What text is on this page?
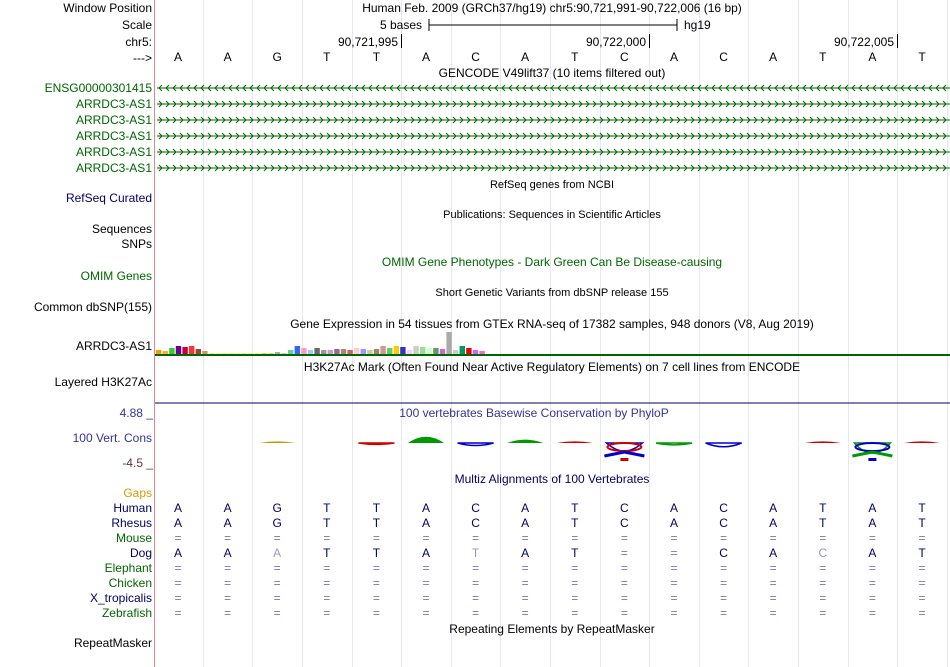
Window Position	Human Feb. 2009 (GRCh37/hg19) chr5:90,721,991-90,722,006 (16 bp)
Scale	5 bases	hg19
chr5:	90,721,995	90,722,000	90,722,005
--->	A	A	G	T	T	A	C	A	T	C	A	C	A	T	A	T
GENCODE V49lift37 (10 items filtered out)
ENSG00000301415
ARRDC3-AS1
ARRDC3-AS1
ARRDC3-AS1
ARRDC3-AS1
ARRDC3-AS1
RefSeq genes from NCBI
RefSeq Curated
Publications: Sequences in Scientific Articles
Sequences
SNPs
OMIM Gene Phenotypes - Dark Green Can Be Disease-causing
OMIM Genes
Short Genetic Variants from dbSNP release 155
Common dbSNP(155)
Gene Expression in 54 tissues from GTEx RNA-seq of 17382 samples, 948 donors (V8, Aug 2019)
ARRDC3-AS1
H3K27Ac Mark (Often Found Near Active Regulatory Elements) on 7 cell lines from ENCODE
Layered H3K27Ac
100 vertebrates Basewise Conservation by PhyloP
4.88 _
100 Vert. Cons
-4.5 _
Multiz Alignments of 100 Vertebrates
Gaps
Human	A	A	G	T	T	A	C	A	T	C	A	C	A	T	A	T
Rhesus	A	A	G	T	T	A	C	A	T	C	A	C	A	T	A	T
Mouse	=	=	=	=	=	=	=	=	=	=	=	=	=	=	=	=
Dog	A	A	A	T	T	A	T	A	T	=	=	C	A	C	A	T
Elephant	=	=	=	=	=	=	=	=	=	=	=	=	=	=	=	=
Chicken	=	=	=	=	=	=	=	=	=	=	=	=	=	=	=	=
X_tropicalis	=	=	=	=	=	=	=	=	=	=	=	=	=	=	=	=
Zebrafish	=	=	=	=	=	=	=	=	=	=	=	=	=	=	=	=
Repeating Elements by RepeatMasker
RepeatMasker
